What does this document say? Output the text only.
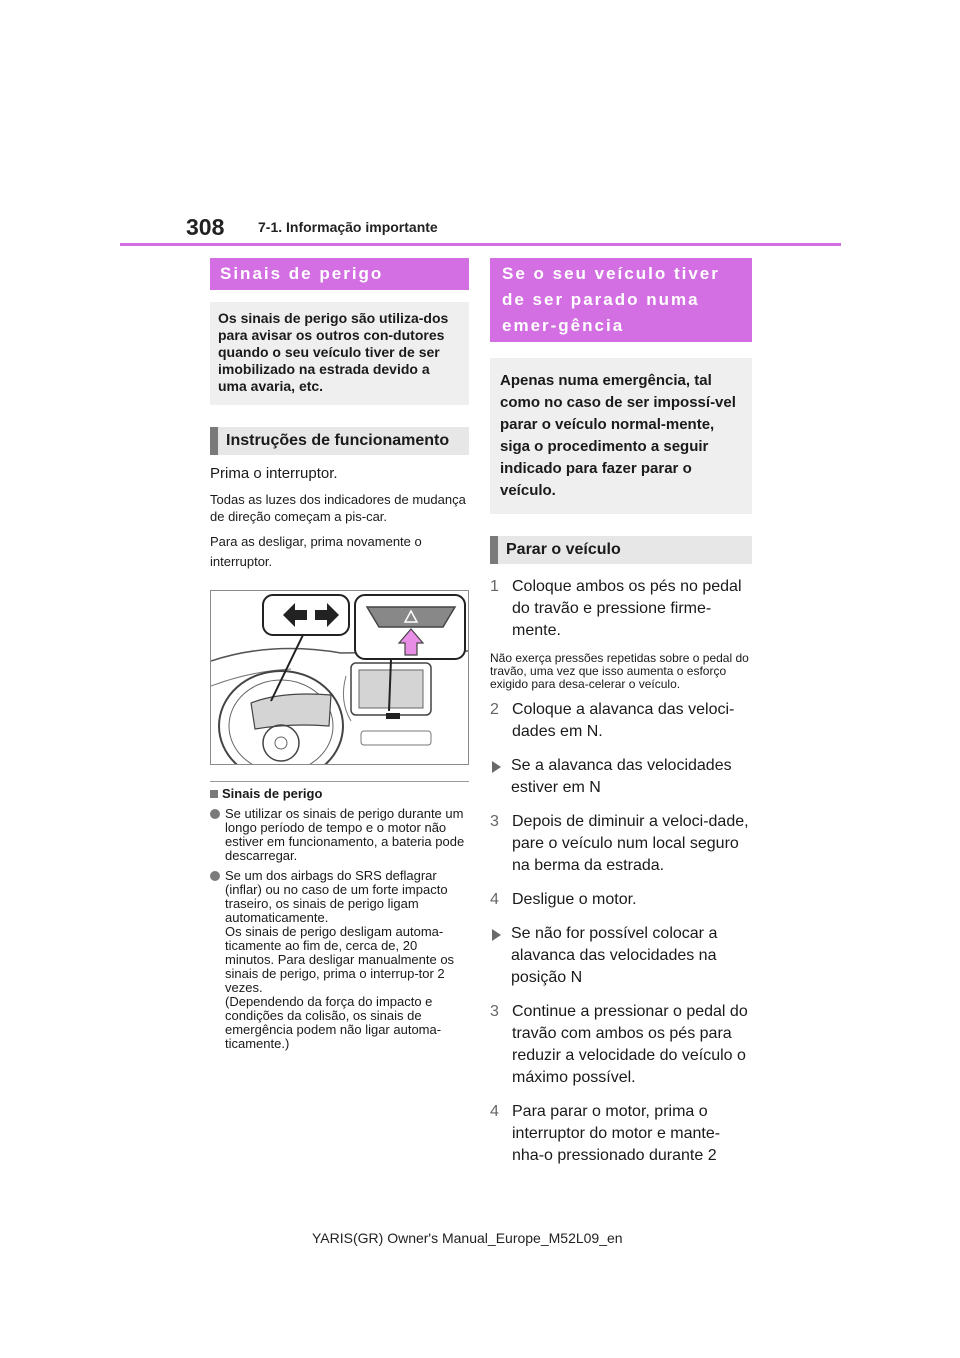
308 7-1. Informação importante
Sinais de perigo
Os sinais de perigo são utiliza-dos para avisar os outros con-dutores quando o seu veículo tiver de ser imobilizado na estrada devido a uma avaria, etc.
Instruções de funcionamento
Prima o interruptor.
Todas as luzes dos indicadores de mudança de direção começam a pis-car.
Para as desligar, prima novamente o interruptor.
Sinais de perigo
Se utilizar os sinais de perigo durante um longo período de tempo e o motor não estiver em funcionamento, a bateria pode descarregar.
Se um dos airbags do SRS deflagrar (inflar) ou no caso de um forte impacto traseiro, os sinais de perigo ligam automaticamente.
Os sinais de perigo desligam automa-ticamente ao fim de, cerca de, 20 minutos. Para desligar manualmente os sinais de perigo, prima o interrup-tor 2 vezes.
(Dependendo da força do impacto e condições da colisão, os sinais de emergência podem não ligar automa-ticamente.)
Se o seu veículo tiver de ser parado numa emer-gência
Apenas numa emergência, tal como no caso de ser impossí-vel parar o veículo normal-mente, siga o procedimento a seguir indicado para fazer parar o veículo.
Parar o veículo
1 Coloque ambos os pés no pedal do travão e pressione firme-mente.
Não exerça pressões repetidas sobre o pedal do travão, uma vez que isso aumenta o esforço exigido para desa-celerar o veículo.
2 Coloque a alavanca das veloci-dades em N.
Se a alavanca das velocidades estiver em N
3 Depois de diminuir a veloci-dade, pare o veículo num local seguro na berma da estrada.
4 Desligue o motor.
Se não for possível colocar a alavanca das velocidades na posição N
3 Continue a pressionar o pedal do travão com ambos os pés para reduzir a velocidade do veículo o máximo possível.
4 Para parar o motor, prima o interruptor do motor e mante-nha-o pressionado durante 2
YARIS(GR) Owner's Manual_Europe_M52L09_en
